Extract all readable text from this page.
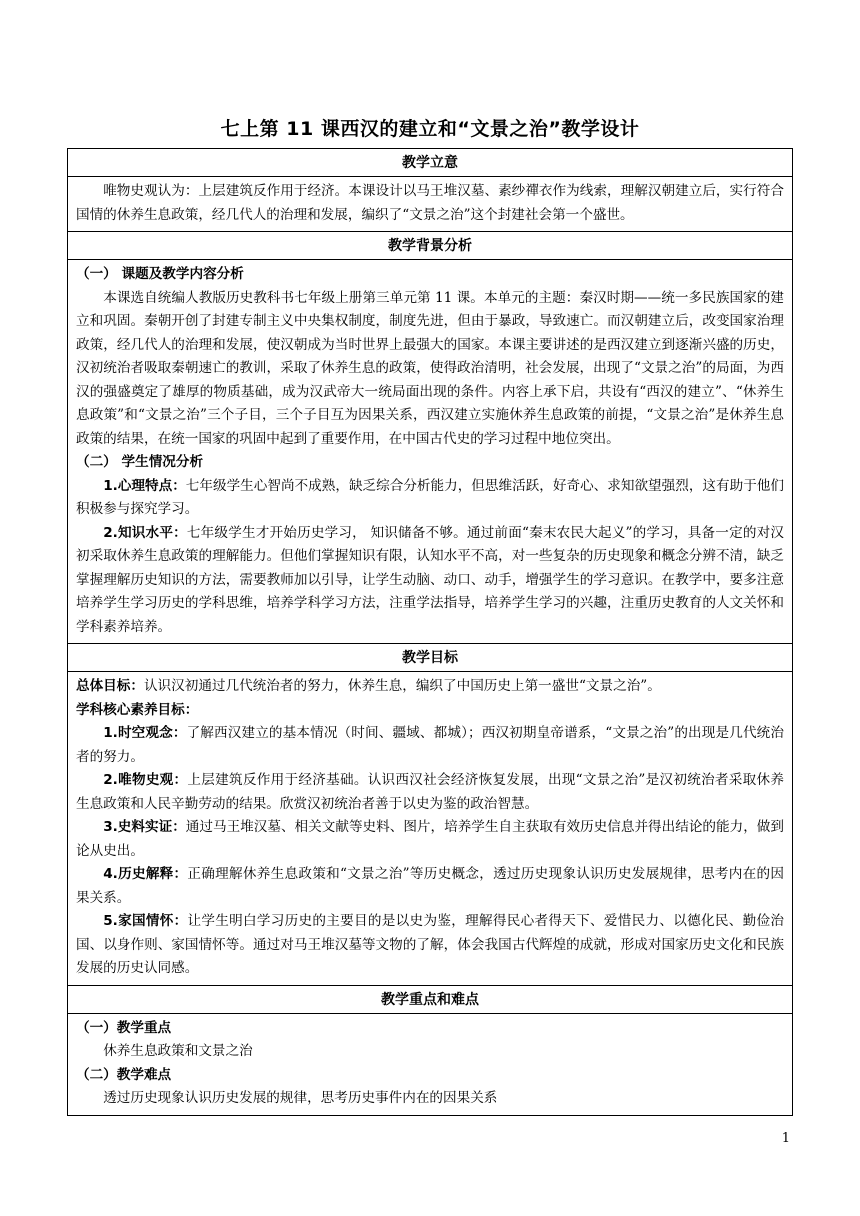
七上第 11 课西汉的建立和“文景之治”教学设计
教学立意

唯物史观认为：上层建筑反作用于经济。本课设计以马王堆汉墓、素纱禪衣作为线索，理解汉朝建立后，实行符合国情的休养生息政策，经几代人的治理和发展，编织了“文景之治”这个封建社会第一个盛世。

教学背景分析

（一） 课题及教学内容分析

本课选自统编人教版历史教科书七年级上册第三单元第 11 课。本单元的主题：秦汉时期——统一多民族国家的建立和巩固。秦朝开创了封建专制主义中央集权制度，制度先进，但由于暴政，导致速亡。而汉朝建立后，改变国家治理政策，经几代人的治理和发展，使汉朝成为当时世界上最强大的国家。本课主要讲述的是西汉建立到逐渐兴盛的历史，汉初统治者吸取秦朝速亡的教训，采取了休养生息的政策，使得政治清明，社会发展，出现了“文景之治”的局面，为西汉的强盛奠定了雄厚的物质基础，成为汉武帝大一统局面出现的条件。内容上承下启，共设有“西汉的建立”、“休养生息政策”和“文景之治”三个子目，三个子目互为因果关系，西汉建立实施休养生息政策的前提，“文景之治”是休养生息政策的结果，在统一国家的巩固中起到了重要作用，在中国古代史的学习过程中地位突出。

（二） 学生情况分析

1.心理特点：七年级学生心智尚不成熟，缺乏综合分析能力，但思维活跃，好奇心、求知欲望强烈，这有助于他们积极参与探究学习。

2.知识水平：七年级学生才开始历史学习， 知识储备不够。通过前面“秦末农民大起义”的学习，具备一定的对汉初采取休养生息政策的理解能力。但他们掌握知识有限，认知水平不高，对一些复杂的历史现象和概念分辨不清，缺乏掌握理解历史知识的方法，需要教师加以引导，让学生动脑、动口、动手，增强学生的学习意识。在教学中，要多注意培养学生学习历史的学科思维，培养学科学习方法，注重学法指导，培养学生学习的兴趣，注重历史教育的人文关怀和学科素养培养。

教学目标

总体目标：认识汉初通过几代统治者的努力，休养生息，编织了中国历史上第一盛世“文景之治”。

学科核心素养目标：

1.时空观念：了解西汉建立的基本情况（时间、疆域、都城）；西汉初期皇帝谱系，“文景之治”的出现是几代统治者的努力。

2.唯物史观：上层建筑反作用于经济基础。认识西汉社会经济恢复发展，出现“文景之治”是汉初统治者采取休养生息政策和人民辛勤劳动的结果。欣赏汉初统治者善于以史为鉴的政治智慧。

3.史料实证：通过马王堆汉墓、相关文献等史料、图片，培养学生自主获取有效历史信息并得出结论的能力，做到论从史出。

4.历史解释：正确理解休养生息政策和“文景之治”等历史概念，透过历史现象认识历史发展规律，思考内在的因果关系。

5.家国情怀：让学生明白学习历史的主要目的是以史为鉴，理解得民心者得天下、爱惜民力、以德化民、勤俭治国、以身作则、家国情怀等。通过对马王堆汉墓等文物的了解，体会我国古代辉煌的成就，形成对国家历史文化和民族发展的历史认同感。

教学重点和难点

（一）教学重点

休养生息政策和文景之治

（二）教学难点

透过历史现象认识历史发展的规律，思考历史事件内在的因果关系

1
